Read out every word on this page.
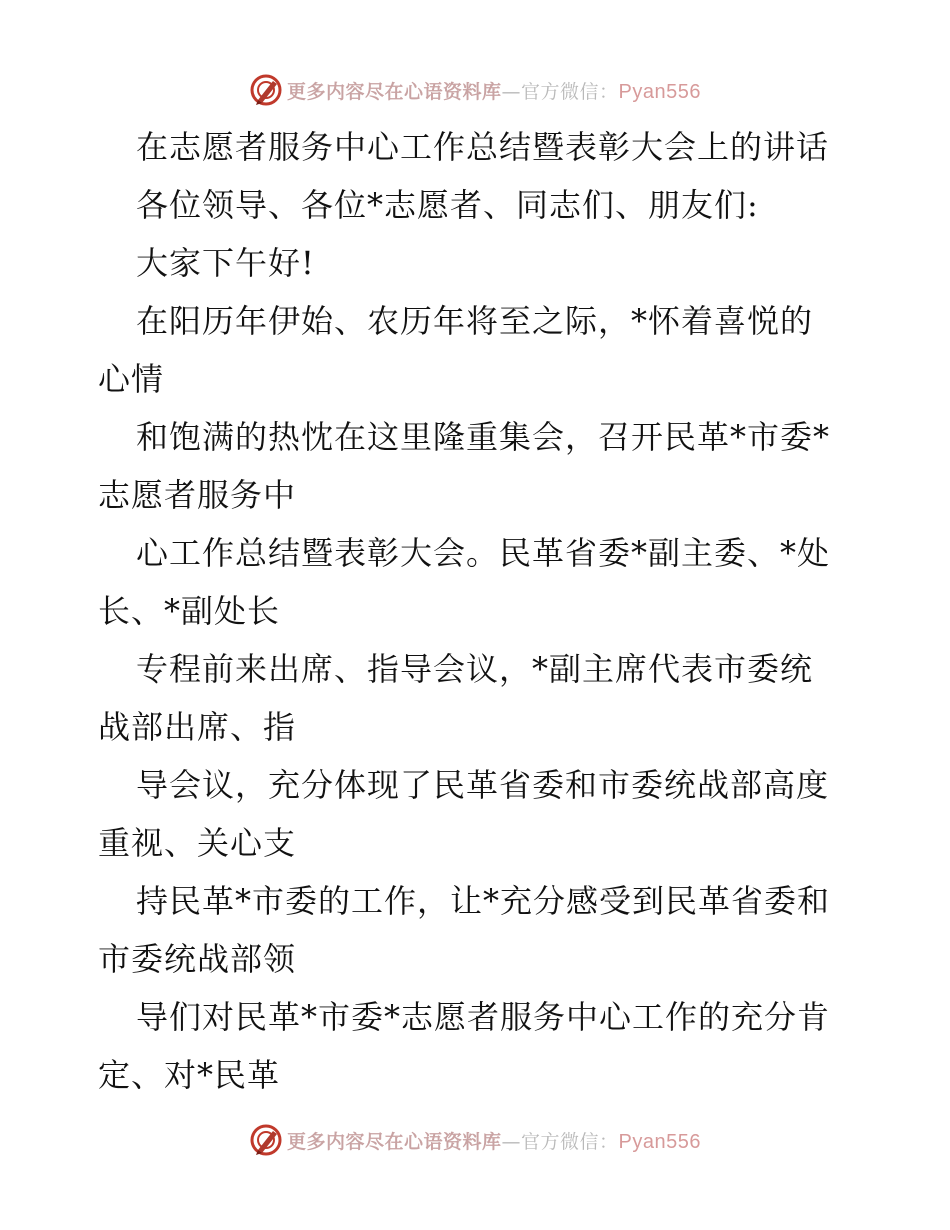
更多内容尽在心语资料库—官方微信：Pyan556
在志愿者服务中心工作总结暨表彰大会上的讲话
各位领导、各位*志愿者、同志们、朋友们:
大家下午好!
在阳历年伊始、农历年将至之际，*怀着喜悦的
心情
和饱满的热忱在这里隆重集会，召开民革*市委*
志愿者服务中
心工作总结暨表彰大会。民革省委*副主委、*处
长、*副处长
专程前来出席、指导会议，*副主席代表市委统
战部出席、指
导会议，充分体现了民革省委和市委统战部高度
重视、关心支
持民革*市委的工作，让*充分感受到民革省委和
市委统战部领
导们对民革*市委*志愿者服务中心工作的充分肯
定、对*民革
更多内容尽在心语资料库—官方微信：Pyan556
